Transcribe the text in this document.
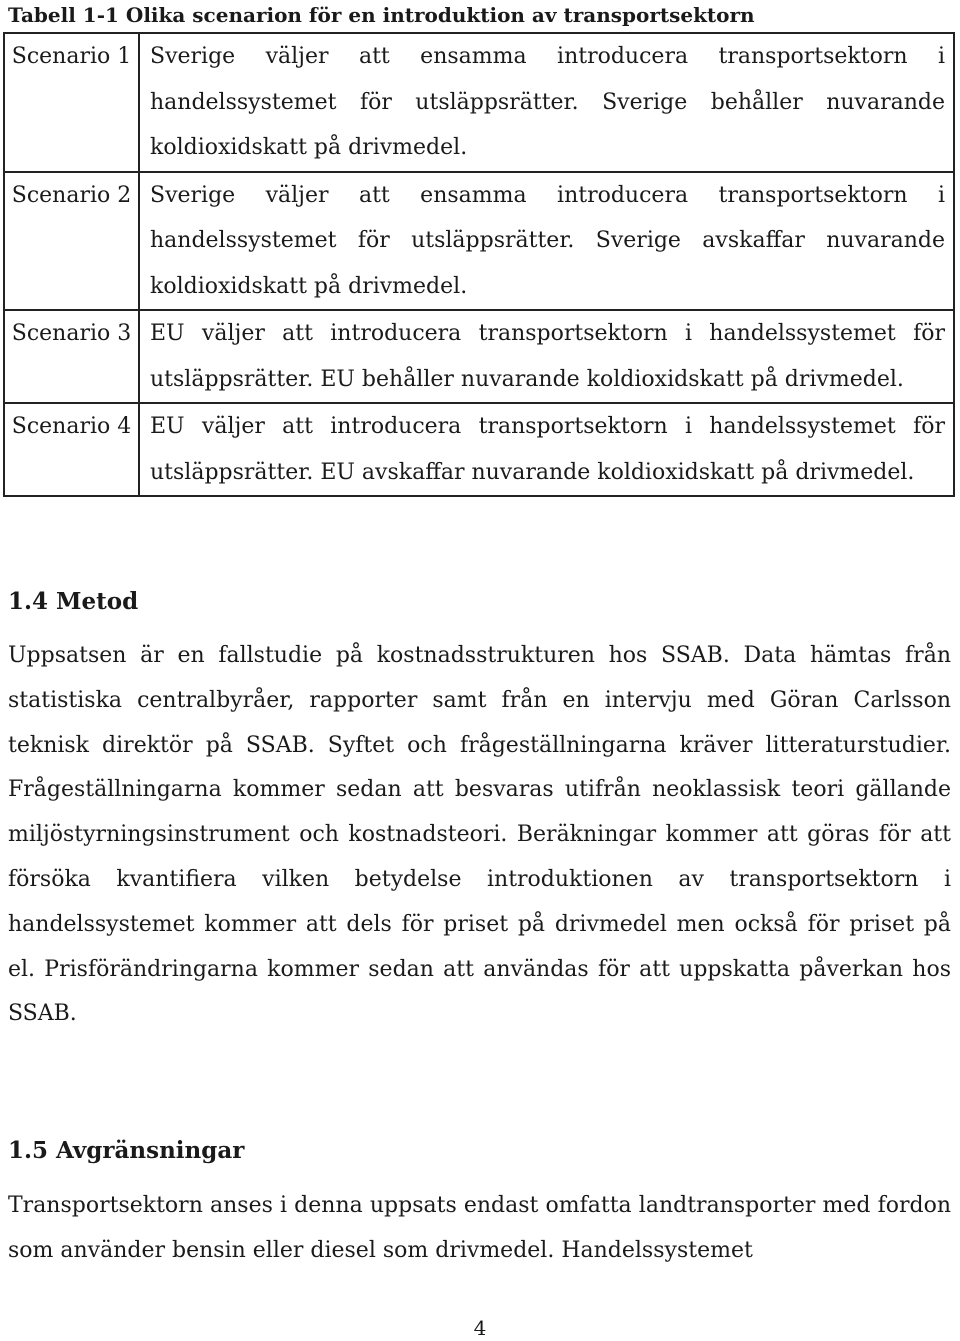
Tabell 1-1 Olika scenarion för en introduktion av transportsektorn
Scenario 1	Sverige väljer att ensamma introducera transportsektorn i handelssystemet för utsläppsrätter. Sverige behåller nuvarande koldioxidskatt på drivmedel.
Scenario 2	Sverige väljer att ensamma introducera transportsektorn i handelssystemet för utsläppsrätter. Sverige avskaffar nuvarande koldioxidskatt på drivmedel.
Scenario 3	EU väljer att introducera transportsektorn i handelssystemet för utsläppsrätter. EU behåller nuvarande koldioxidskatt på drivmedel.
Scenario 4	EU väljer att introducera transportsektorn i handelssystemet för utsläppsrätter. EU avskaffar nuvarande koldioxidskatt på drivmedel.
1.4 Metod
Uppsatsen är en fallstudie på kostnadsstrukturen hos SSAB. Data hämtas från statistiska centralbyråer, rapporter samt från en intervju med Göran Carlsson teknisk direktör på SSAB. Syftet och frågeställningarna kräver litteraturstudier. Frågeställningarna kommer sedan att besvaras utifrån neoklassisk teori gällande miljöstyrningsinstrument och kostnadsteori. Beräkningar kommer att göras för att försöka kvantifiera vilken betydelse introduktionen av transportsektorn i handelssystemet kommer att dels för priset på drivmedel men också för priset på el. Prisförändringarna kommer sedan att användas för att uppskatta påverkan hos SSAB.
1.5 Avgränsningar
Transportsektorn anses i denna uppsats endast omfatta landtransporter med fordon som använder bensin eller diesel som drivmedel. Handelssystemet
4
